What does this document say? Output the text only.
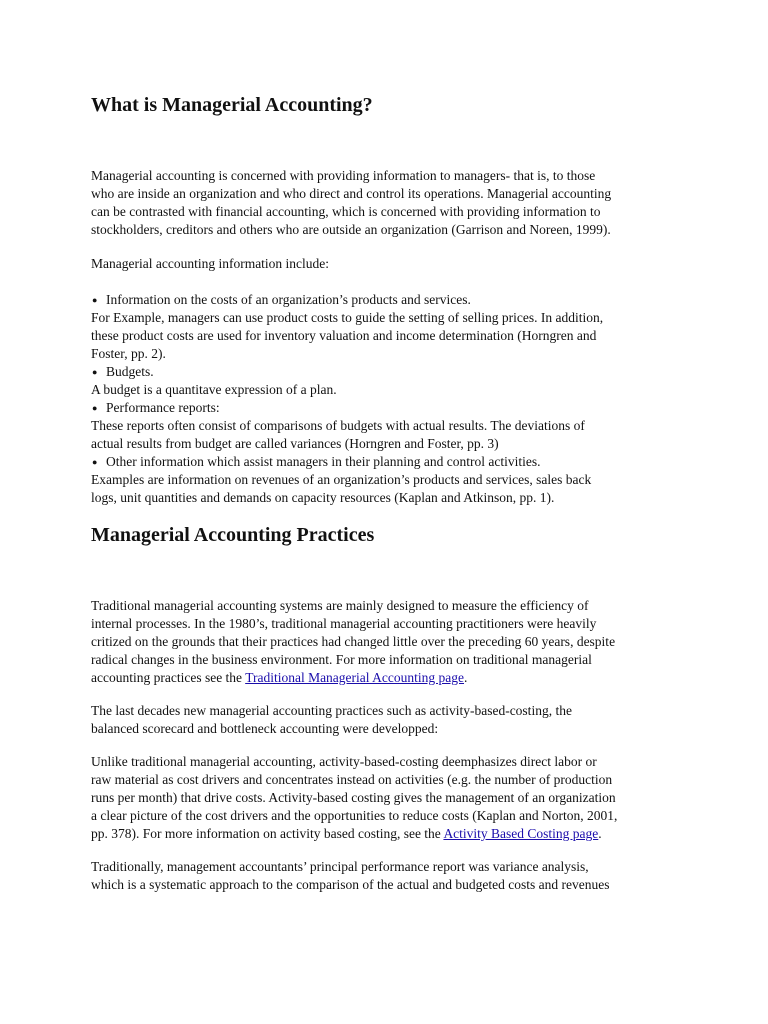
What is Managerial Accounting?
Managerial accounting is concerned with providing information to managers- that is, to those
who are inside an organization and who direct and control its operations. Managerial accounting
can be contrasted with financial accounting, which is concerned with providing information to
stockholders, creditors and others who are outside an organization (Garrison and Noreen, 1999).
Managerial accounting information include:
● Information on the costs of an organization’s products and services.
For Example, managers can use product costs to guide the setting of selling prices. In addition,
these product costs are used for inventory valuation and income determination (Horngren and
Foster, pp. 2).
● Budgets.
A budget is a quantitave expression of a plan.
● Performance reports:
These reports often consist of comparisons of budgets with actual results. The deviations of
actual results from budget are called variances (Horngren and Foster, pp. 3)
● Other information which assist managers in their planning and control activities.
Examples are information on revenues of an organization’s products and services, sales back
logs, unit quantities and demands on capacity resources (Kaplan and Atkinson, pp. 1).
Managerial Accounting Practices
Traditional managerial accounting systems are mainly designed to measure the efficiency of
internal processes. In the 1980’s, traditional managerial accounting practitioners were heavily
critized on the grounds that their practices had changed little over the preceding 60 years, despite
radical changes in the business environment. For more information on traditional managerial
accounting practices see the Traditional Managerial Accounting page.
The last decades new managerial accounting practices such as activity-based-costing, the
balanced scorecard and bottleneck accounting were developped:
Unlike traditional managerial accounting, activity-based-costing deemphasizes direct labor or
raw material as cost drivers and concentrates instead on activities (e.g. the number of production
runs per month) that drive costs. Activity-based costing gives the management of an organization
a clear picture of the cost drivers and the opportunities to reduce costs (Kaplan and Norton, 2001,
pp. 378). For more information on activity based costing, see the Activity Based Costing page.
Traditionally, management accountants’ principal performance report was variance analysis,
which is a systematic approach to the comparison of the actual and budgeted costs and revenues
